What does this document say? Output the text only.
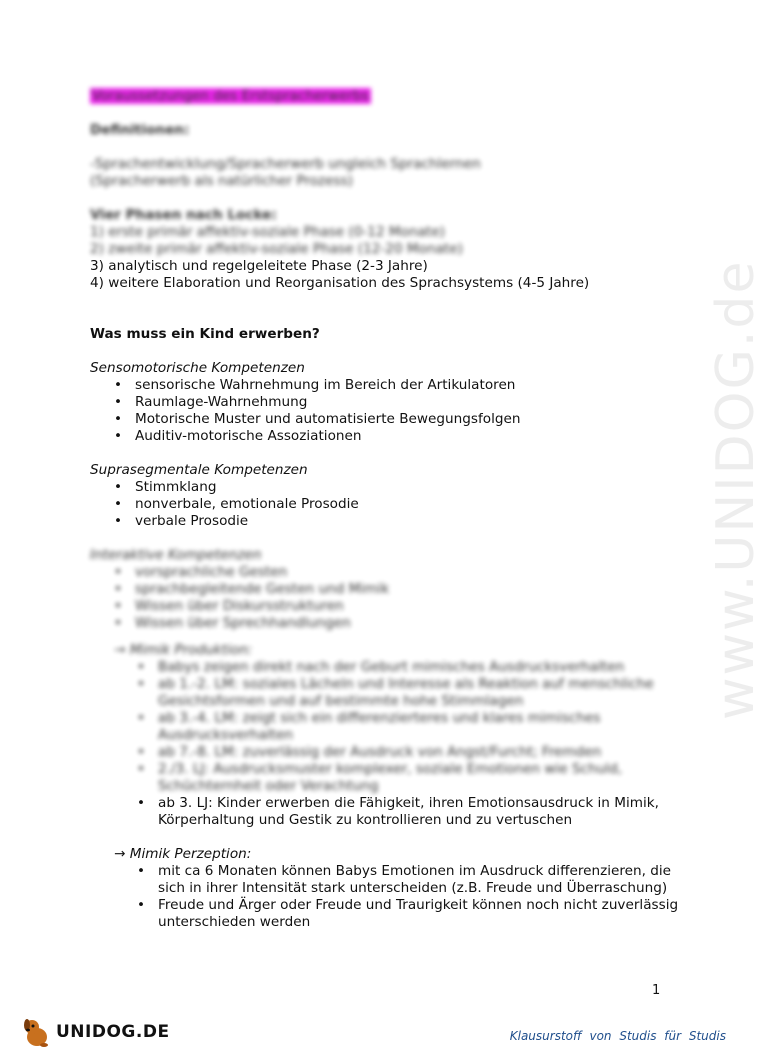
www.UNIDOG.de
Voraussetzungen des Erstspracherwerbs
Definitionen:
-Sprachentwicklung/Spracherwerb ungleich Sprachlernen
(Spracherwerb als natürlicher Prozess)
Vier Phasen nach Locke:
1) erste primär affektiv-soziale Phase (0-12 Monate)
2) zweite primär affektiv-soziale Phase (12-20 Monate)
3) analytisch und regelgeleitete Phase (2-3 Jahre)
4) weitere Elaboration und Reorganisation des Sprachsystems (4-5 Jahre)
Was muss ein Kind erwerben?
Sensomotorische Kompetenzen
• sensorische Wahrnehmung im Bereich der Artikulatoren
• Raumlage-Wahrnehmung
• Motorische Muster und automatisierte Bewegungsfolgen
• Auditiv-motorische Assoziationen
Suprasegmentale Kompetenzen
• Stimmklang
• nonverbale, emotionale Prosodie
• verbale Prosodie
Interaktive Kompetenzen
• vorsprachliche Gesten
• sprachbegleitende Gesten und Mimik
• Wissen über Diskursstrukturen
• Wissen über Sprechhandlungen
→ Mimik Produktion:
• Babys zeigen direkt nach der Geburt mimisches Ausdrucksverhalten
• ab 1.-2. LM: soziales Lächeln und Interesse als Reaktion auf menschliche Gesichtsformen und auf bestimmte hohe Stimmlagen
• ab 3.-4. LM: zeigt sich ein differenzierteres und klares mimisches Ausdrucksverhalten
• ab 7.-8. LM: zuverlässig der Ausdruck von Angst/Furcht; Fremden
• 2./3. LJ: Ausdrucksmuster komplexer, soziale Emotionen wie Schuld, Schüchternheit oder Verachtung
• ab 3. LJ: Kinder erwerben die Fähigkeit, ihren Emotionsausdruck in Mimik, Körperhaltung und Gestik zu kontrollieren und zu vertuschen
→ Mimik Perzeption:
• mit ca 6 Monaten können Babys Emotionen im Ausdruck differenzieren, die sich in ihrer Intensität stark unterscheiden (z.B. Freude und Überraschung)
• Freude und Ärger oder Freude und Traurigkeit können noch nicht zuverlässig unterschieden werden
1
UNIDOG.DE	Klausurstoff von Studis für Studis
